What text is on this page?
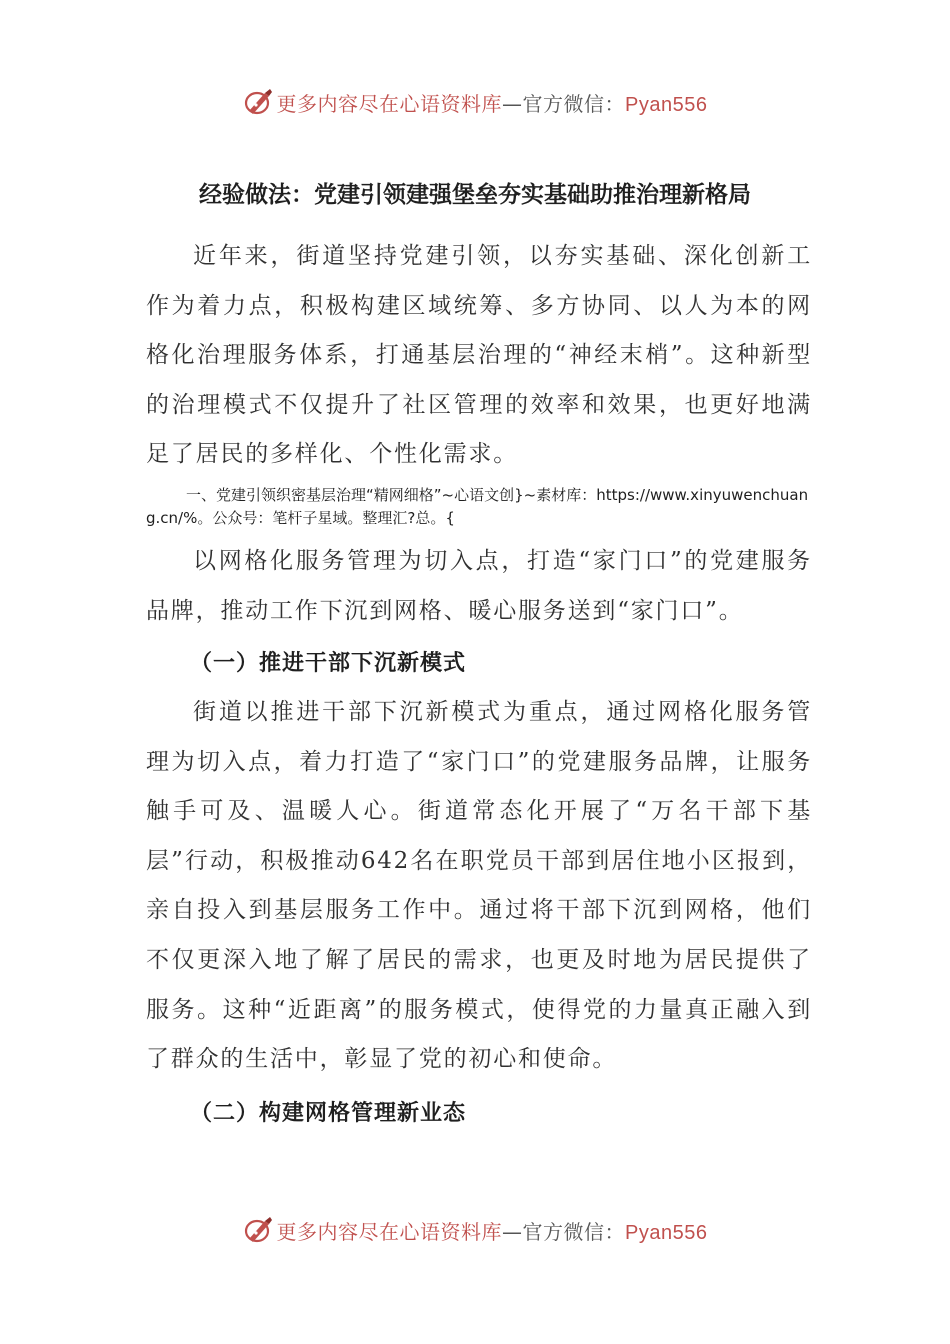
更多内容尽在心语资料库—官方微信：Pyan556
经验做法：党建引领建强堡垒夯实基础助推治理新格局

近年来，街道坚持党建引领，以夯实基础、深化创新工作为着力点，积极构建区域统筹、多方协同、以人为本的网格化治理服务体系，打通基层治理的“神经末梢”。这种新型的治理模式不仅提升了社区管理的效率和效果，也更好地满足了居民的多样化、个性化需求。

一、党建引领织密基层治理“精网细格”~心语文创}~素材库：https://www.xinyuwenchuang.cn/%。公众号：笔杆子星域。整理汇?总。{

以网格化服务管理为切入点，打造“家门口”的党建服务品牌，推动工作下沉到网格、暖心服务送到“家门口”。

（一）推进干部下沉新模式

街道以推进干部下沉新模式为重点，通过网格化服务管理为切入点，着力打造了“家门口”的党建服务品牌，让服务触手可及、温暖人心。街道常态化开展了“万名干部下基层”行动，积极推动642名在职党员干部到居住地小区报到，亲自投入到基层服务工作中。通过将干部下沉到网格，他们不仅更深入地了解了居民的需求，也更及时地为居民提供了服务。这种“近距离”的服务模式，使得党的力量真正融入到了群众的生活中，彰显了党的初心和使命。

（二）构建网格管理新业态
更多内容尽在心语资料库—官方微信：Pyan556
